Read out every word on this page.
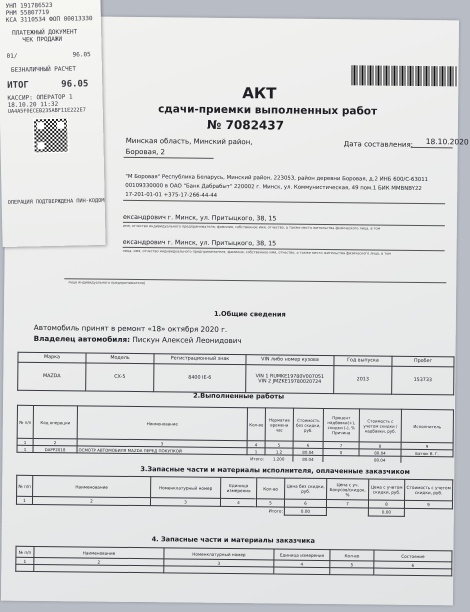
АКТ
сдачи-приемки выполненных работ
№ 7082437
Минская область, Минский район,
Боровая, 2
Дата составления: 18.10.2020
"М Боровая" Республика Беларусь, Минский район, 223053, район деревни Боровая, д.2 ИНБ 600/C-63011
00109330000 в ОАО "Банк Дабрабыт" 220002 г. Минск, ул. Коммунистическая, 49 пом.1 БИК MMBNBY22
17-201-01-01 +375-17-266-44-44
ександрович г. Минск, ул. Притыцкого, 38, 15
имя, отчество индивидуального предпринимателя, фамилия, собственное имя, отчество, а также место жительства физического лица, в том
ександрович г. Минск, ул. Притыцкого, 38, 15
лица, имя, отчество индивидуального предпринимателя, фамилия, собственное имя, отчество, а также место жительства физического лица, в том
лице индивидуального предпринимателя)
1.Общие сведения
Автомобиль принят в ремонт «18» октября 2020 г.
Владелец автомобиля: Пискун Алексей Леонидович
Марка	Модель	Регистрационный знак	VIN либо номер кузова	Год выпуска	Пробег
MAZDA	CX-5	8400 IE-6	VIN 1 RUMKE19780V007051
VIN 2 JMZKE19780020724	2013	153733
2.Выполненные работы
№ п/п	Код операции	Наименование	Кол-во	Норматив времени час	Стоимость без скидки, руб.	Процент надбавки(+), скидки (-), % Причина	Стоимость с учетом скидки / надбавки, руб.	Исполнитель
1	2	3	4	5	6	7	8	9
1	DAPP2018	ОСМОТР АВТОМОБИЛЯ MAZDA ПЕРЕД ПОКУПКОЙ	1	1.2	80.04	0	80.04	Батюк В. Г.
Итого:				1.200	80.04		80.04	
3.Запасные части и материалы исполнителя, оплаченные заказчиком
№ п/п	Наименование	Номенклатурный номер	Единица измерения	Кол-во	Цена без скидки, руб.	Цена с уч. Бонусов/скидок, %	Цена с учетом скидки, руб.	Стоимость с учетом скидки, руб.
1	2	3	4	5	6	7	8	9
Итого:					0.00		0.00	
4. Запасные части и материалы заказчика
№ п/п	Наименование	Номенклатурный номер	Единица измерения	Кол-во	Состояние
1	2	3	4	5	6

УНП 191786523
РНМ 55807719
КСА 3110534 ФОП 00013330
ПЛАТЕЖНЫЙ ДОКУМЕНТ
ЧЕК ПРОДАЖИ
01/	96.05
БЕЗНАЛИЧНЫЙ РАСЧЕТ
ИТОГ	96.05
КАССИР: ОПЕРАТОР 1
18.10.20 11:32
UA4A5F0ECEB235ABF11E222E7
ОПЕРАЦИЯ ПОДТВЕРЖДЕНА ПИН-КОДОМ
